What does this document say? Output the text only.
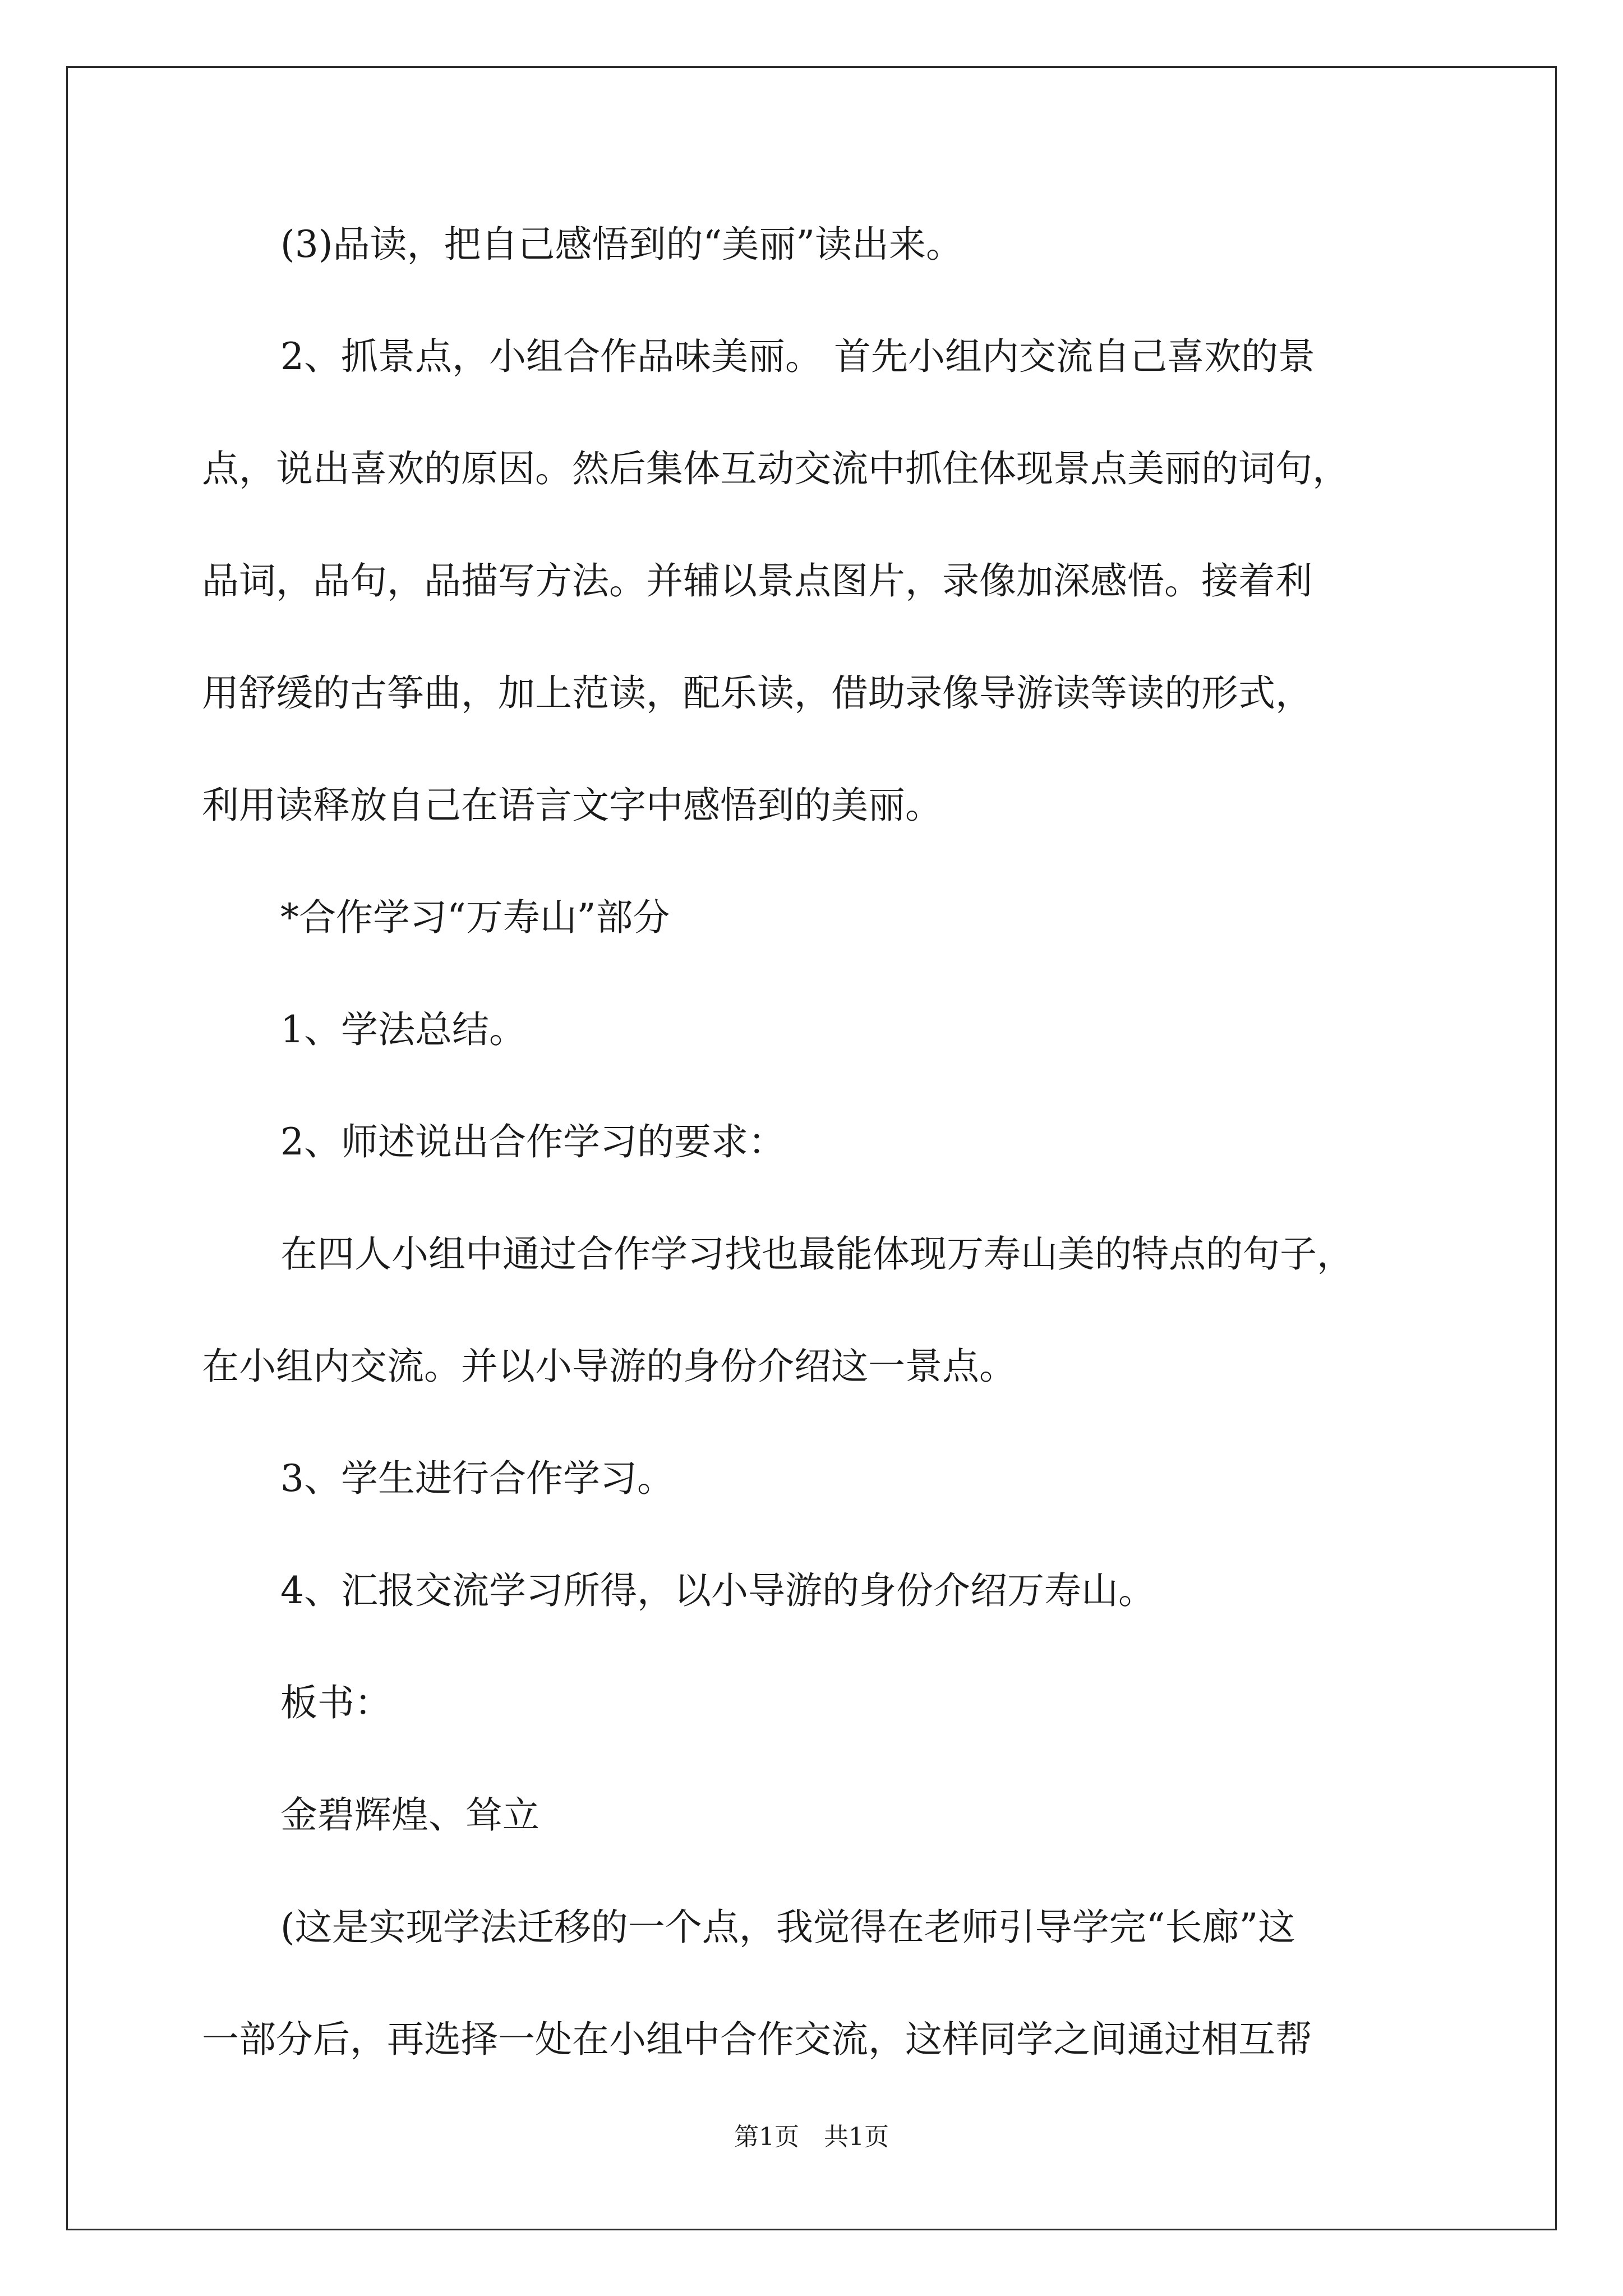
(3)品读，把自己感悟到的“美丽”读出来。

2、抓景点，小组合作品味美丽。 首先小组内交流自己喜欢的景

点，说出喜欢的原因。然后集体互动交流中抓住体现景点美丽的词句，

品词，品句，品描写方法。并辅以景点图片，录像加深感悟。接着利

用舒缓的古筝曲，加上范读，配乐读，借助录像导游读等读的形式，

利用读释放自己在语言文字中感悟到的美丽。

*合作学习“万寿山”部分

1、学法总结。

2、师述说出合作学习的要求：

在四人小组中通过合作学习找也最能体现万寿山美的特点的句子，

在小组内交流。并以小导游的身份介绍这一景点。

3、学生进行合作学习。

4、汇报交流学习所得，以小导游的身份介绍万寿山。

板书：

金碧辉煌、耸立

(这是实现学法迁移的一个点，我觉得在老师引导学完“长廊”这

一部分后，再选择一处在小组中合作交流，这样同学之间通过相互帮

第1页　共1页
